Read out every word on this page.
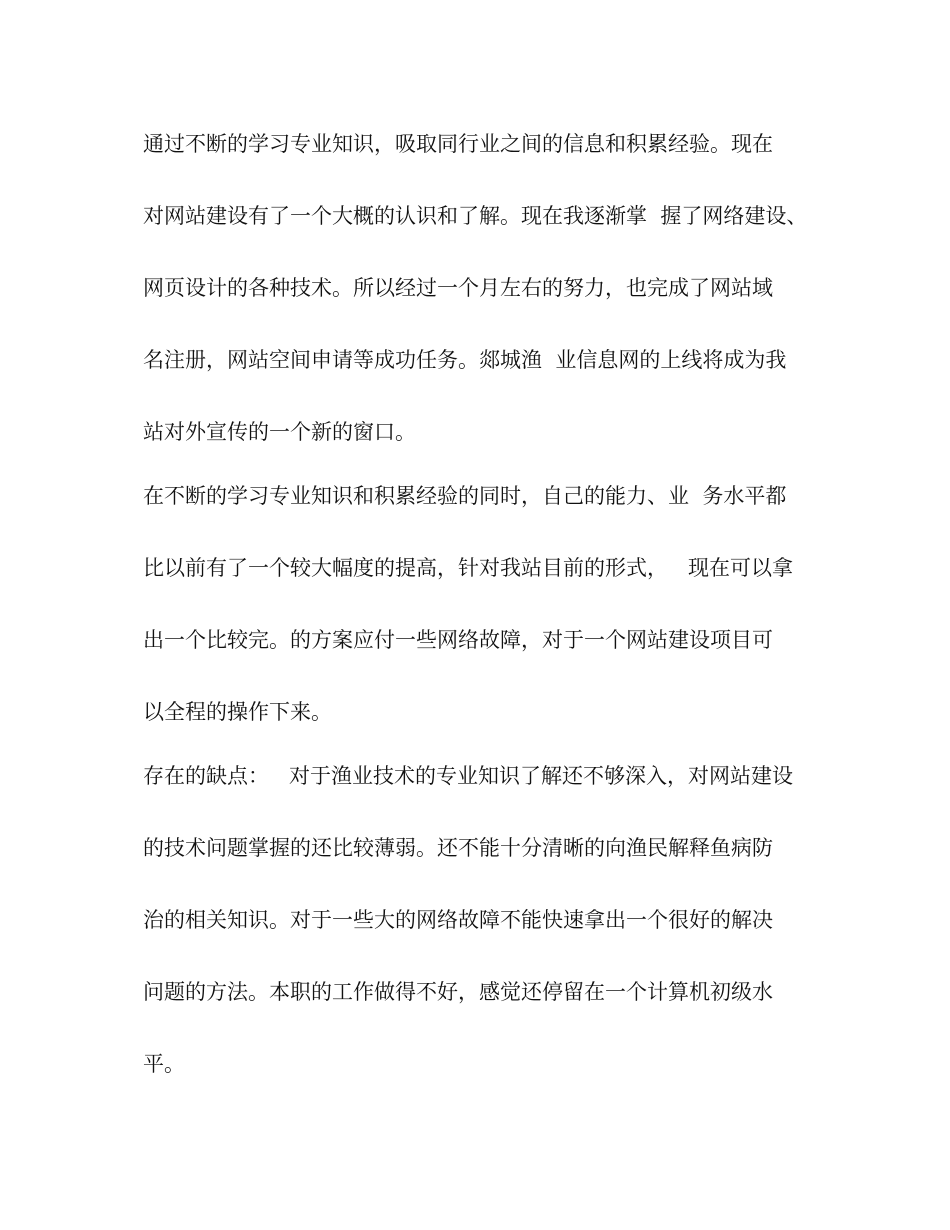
通过不断的学习专业知识，吸取同行业之间的信息和积累经验。现在
对网站建设有了一个大概的认识和了解。现在我逐渐掌  握了网络建设、
网页设计的各种技术。所以经过一个月左右的努力，也完成了网站域
名注册，网站空间申请等成功任务。郯城渔  业信息网的上线将成为我
站对外宣传的一个新的窗口。
在不断的学习专业知识和积累经验的同时，自己的能力、业  务水平都
比以前有了一个较大幅度的提高，针对我站目前的形式，   现在可以拿
出一个比较完。的方案应付一些网络故障，对于一个网站建设项目可
以全程的操作下来。
存在的缺点：   对于渔业技术的专业知识了解还不够深入，对网站建设
的技术问题掌握的还比较薄弱。还不能十分清晰的向渔民解释鱼病防
治的相关知识。对于一些大的网络故障不能快速拿出一个很好的解决
问题的方法。本职的工作做得不好，感觉还停留在一个计算机初级水
平。
